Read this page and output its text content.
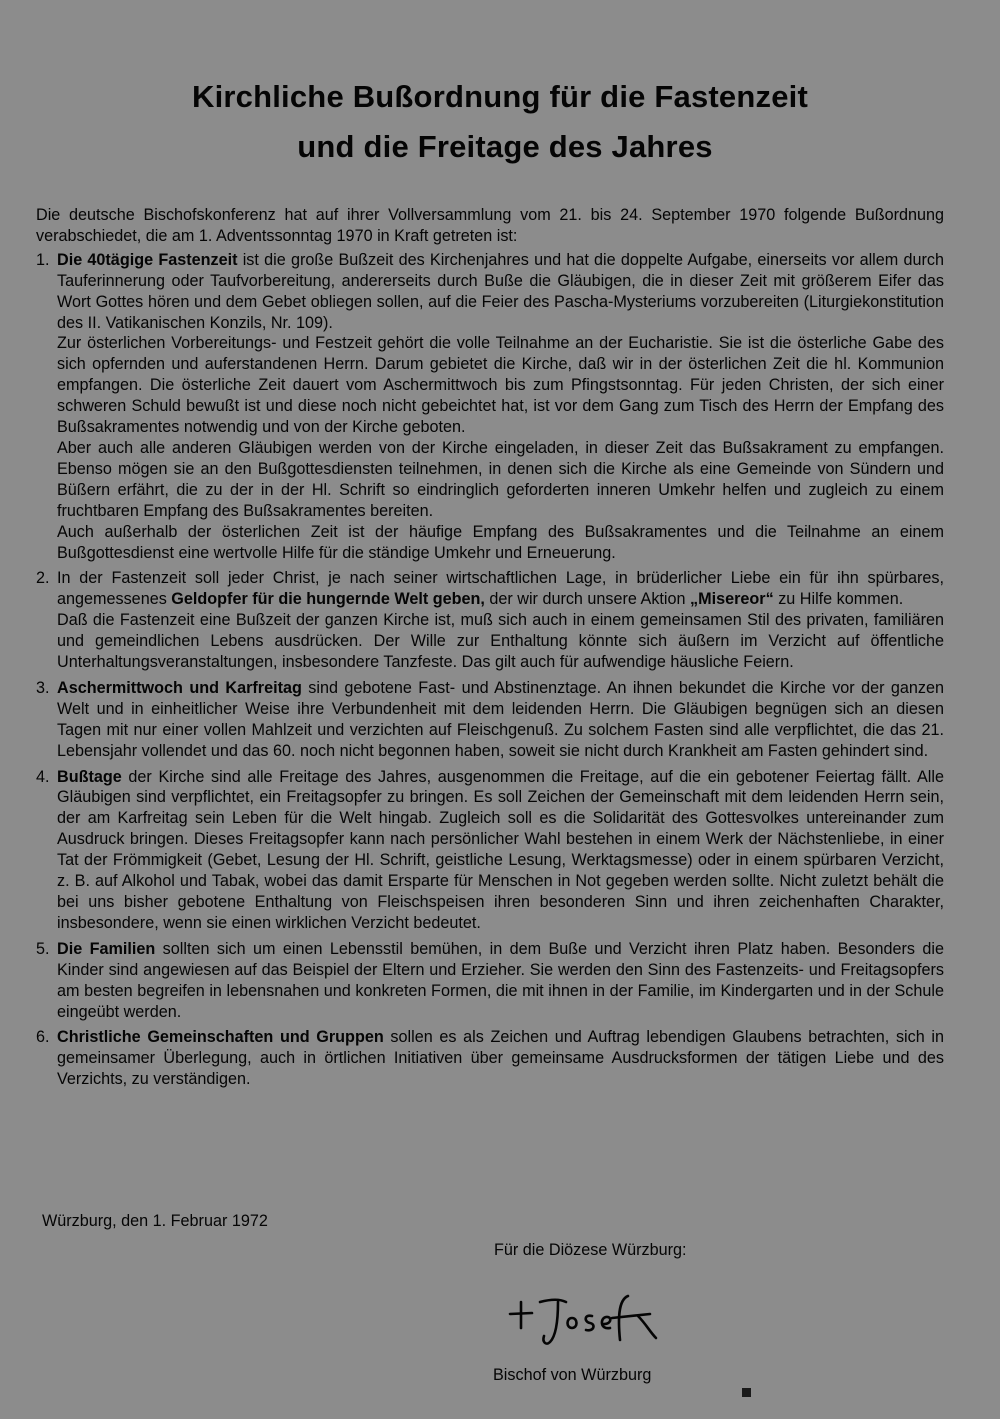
Kirchliche Bußordnung für die Fastenzeit
und die Freitage des Jahres

Die deutsche Bischofskonferenz hat auf ihrer Vollversammlung vom 21. bis 24. September 1970 folgende Bußordnung verabschiedet, die am 1. Adventssonntag 1970 in Kraft getreten ist:

1. Die 40tägige Fastenzeit ist die große Bußzeit des Kirchenjahres und hat die doppelte Aufgabe, einerseits vor allem durch Tauferinnerung oder Taufvorbereitung, andererseits durch Buße die Gläubigen, die in dieser Zeit mit größerem Eifer das Wort Gottes hören und dem Gebet obliegen sollen, auf die Feier des Pascha-Mysteriums vorzubereiten (Liturgiekonstitution des II. Vatikanischen Konzils, Nr. 109).

Zur österlichen Vorbereitungs- und Festzeit gehört die volle Teilnahme an der Eucharistie. Sie ist die österliche Gabe des sich opfernden und auferstandenen Herrn. Darum gebietet die Kirche, daß wir in der österlichen Zeit die hl. Kommunion empfangen. Die österliche Zeit dauert vom Aschermittwoch bis zum Pfingstsonntag. Für jeden Christen, der sich einer schweren Schuld bewußt ist und diese noch nicht gebeichtet hat, ist vor dem Gang zum Tisch des Herrn der Empfang des Bußsakramentes notwendig und von der Kirche geboten.

Aber auch alle anderen Gläubigen werden von der Kirche eingeladen, in dieser Zeit das Bußsakrament zu empfangen. Ebenso mögen sie an den Bußgottesdiensten teilnehmen, in denen sich die Kirche als eine Gemeinde von Sündern und Büßern erfährt, die zu der in der Hl. Schrift so eindringlich geforderten inneren Umkehr helfen und zugleich zu einem fruchtbaren Empfang des Bußsakramentes bereiten.

Auch außerhalb der österlichen Zeit ist der häufige Empfang des Bußsakramentes und die Teilnahme an einem Bußgottesdienst eine wertvolle Hilfe für die ständige Umkehr und Erneuerung.

2. In der Fastenzeit soll jeder Christ, je nach seiner wirtschaftlichen Lage, in brüderlicher Liebe ein für ihn spürbares, angemessenes Geldopfer für die hungernde Welt geben, der wir durch unsere Aktion „Misereor“ zu Hilfe kommen.

Daß die Fastenzeit eine Bußzeit der ganzen Kirche ist, muß sich auch in einem gemeinsamen Stil des privaten, familiären und gemeindlichen Lebens ausdrücken. Der Wille zur Enthaltung könnte sich äußern im Verzicht auf öffentliche Unterhaltungsveranstaltungen, insbesondere Tanzfeste. Das gilt auch für aufwendige häusliche Feiern.

3. Aschermittwoch und Karfreitag sind gebotene Fast- und Abstinenztage. An ihnen bekundet die Kirche vor der ganzen Welt und in einheitlicher Weise ihre Verbundenheit mit dem leidenden Herrn. Die Gläubigen begnügen sich an diesen Tagen mit nur einer vollen Mahlzeit und verzichten auf Fleischgenuß. Zu solchem Fasten sind alle verpflichtet, die das 21. Lebensjahr vollendet und das 60. noch nicht begonnen haben, soweit sie nicht durch Krankheit am Fasten gehindert sind.

4. Bußtage der Kirche sind alle Freitage des Jahres, ausgenommen die Freitage, auf die ein gebotener Feiertag fällt. Alle Gläubigen sind verpflichtet, ein Freitagsopfer zu bringen. Es soll Zeichen der Gemeinschaft mit dem leidenden Herrn sein, der am Karfreitag sein Leben für die Welt hingab. Zugleich soll es die Solidarität des Gottesvolkes untereinander zum Ausdruck bringen. Dieses Freitagsopfer kann nach persönlicher Wahl bestehen in einem Werk der Nächstenliebe, in einer Tat der Frömmigkeit (Gebet, Lesung der Hl. Schrift, geistliche Lesung, Werktagsmesse) oder in einem spürbaren Verzicht, z. B. auf Alkohol und Tabak, wobei das damit Ersparte für Menschen in Not gegeben werden sollte. Nicht zuletzt behält die bei uns bisher gebotene Enthaltung von Fleischspeisen ihren besonderen Sinn und ihren zeichenhaften Charakter, insbesondere, wenn sie einen wirklichen Verzicht bedeutet.

5. Die Familien sollten sich um einen Lebensstil bemühen, in dem Buße und Verzicht ihren Platz haben. Besonders die Kinder sind angewiesen auf das Beispiel der Eltern und Erzieher. Sie werden den Sinn des Fastenzeits- und Freitagsopfers am besten begreifen in lebensnahen und konkreten Formen, die mit ihnen in der Familie, im Kindergarten und in der Schule eingeübt werden.

6. Christliche Gemeinschaften und Gruppen sollen es als Zeichen und Auftrag lebendigen Glaubens betrachten, sich in gemeinsamer Überlegung, auch in örtlichen Initiativen über gemeinsame Ausdrucksformen der tätigen Liebe und des Verzichts, zu verständigen.

Würzburg, den 1. Februar 1972
Für die Diözese Würzburg:
Bischof von Würzburg
